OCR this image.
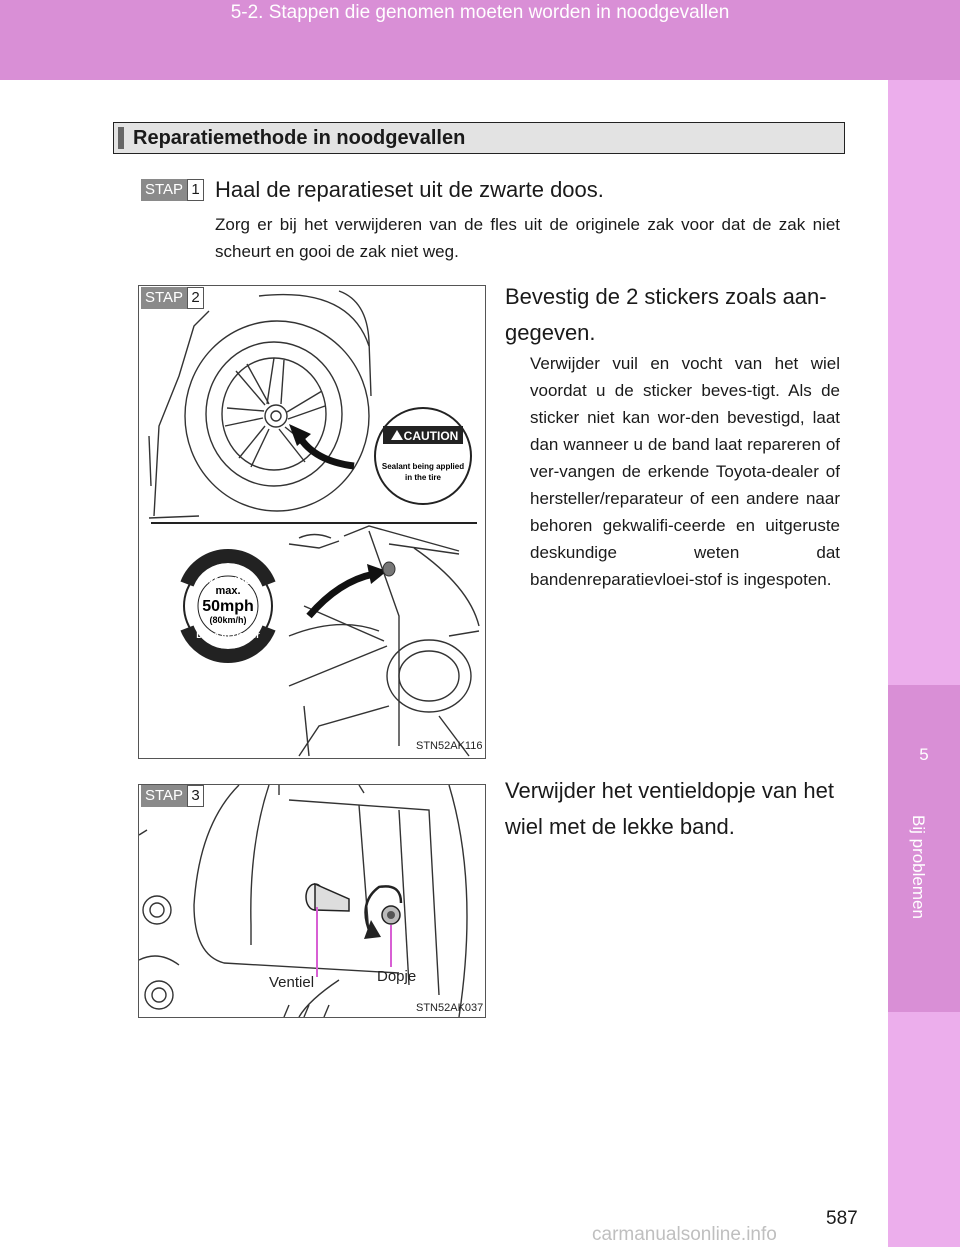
5-2. Stappen die genomen moeten worden in noodgevallen
5
Bij problemen
Reparatiemethode in noodgevallen
STAP 1 Haal de reparatieset uit de zwarte doos.
Zorg er bij het verwijderen van de fles uit de originele zak voor dat de zak niet scheurt en gooi de zak niet weg.
CAUTION
Sealant being applied
in the tire
WARNING
max.
50mph
(80km/h)
Drive to Dealer
STAP 2
STN52AK116
Bevestig de 2 stickers zoals aan-gegeven.
Verwijder vuil en vocht van het wiel voordat u de sticker beves-tigt. Als de sticker niet kan wor-den bevestigd, laat dan wanneer u de band laat repareren of ver-vangen de erkende Toyota-dealer of hersteller/reparateur of een andere naar behoren gekwalifi-ceerde en uitgeruste deskundige weten dat bandenreparatievloei-stof is ingespoten.
Ventiel	Dopje
STAP 3
STN52AK037
Verwijder het ventieldopje van het wiel met de lekke band.
587
carmanualsonline.info
